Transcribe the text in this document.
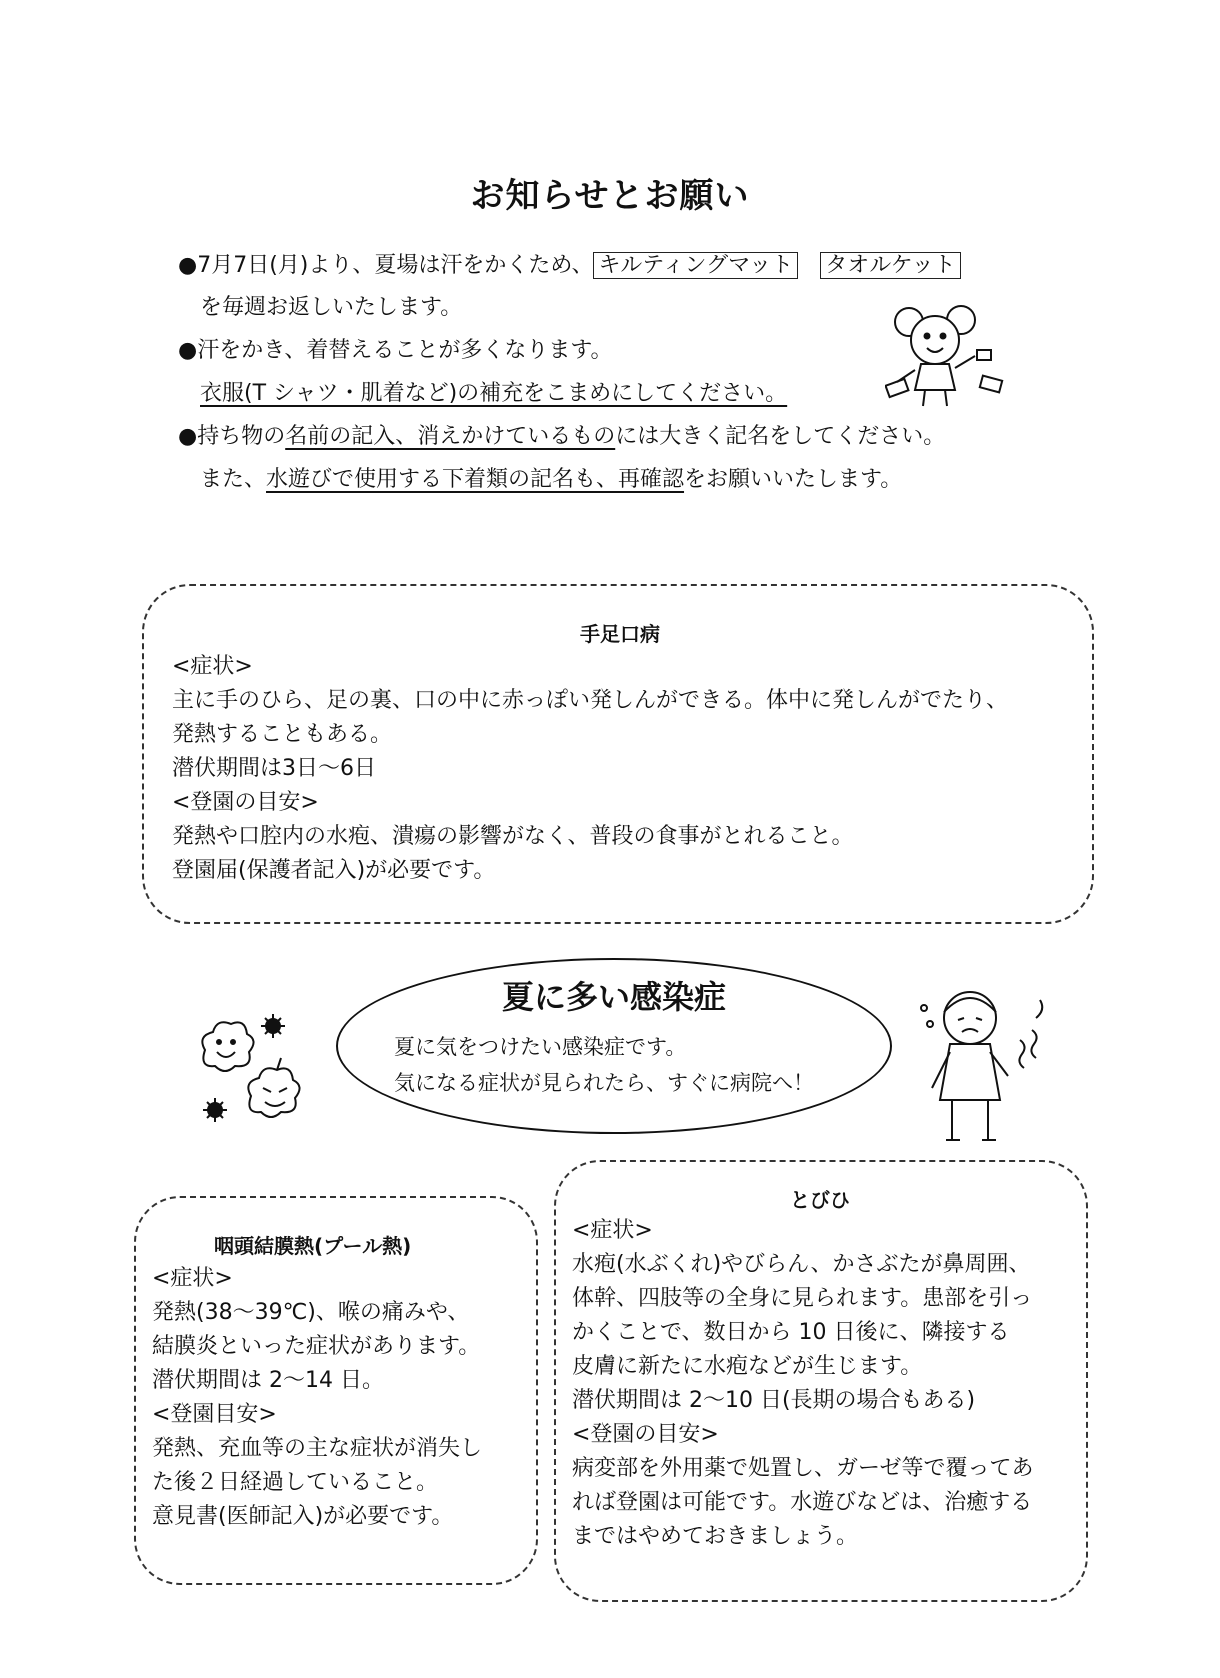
お知らせとお願い
●7月7日(月)より、夏場は汗をかくため、 キルティングマット タオルケット
を毎週お返しいたします。
●汗をかき、着替えることが多くなります。
衣服(T シャツ・肌着など)の補充をこまめにしてください。
●持ち物の名前の記入、消えかけているものには大きく記名をしてください。
また、水遊びで使用する下着類の記名も、再確認をお願いいたします。
手足口病
<症状>
主に手のひら、足の裏、口の中に赤っぽい発しんができる。体中に発しんがでたり、
発熱することもある。
潜伏期間は3日〜6日
<登園の目安>
発熱や口腔内の水疱、潰瘍の影響がなく、普段の食事がとれること。
登園届(保護者記入)が必要です。
夏に多い感染症
夏に気をつけたい感染症です。
気になる症状が見られたら、すぐに病院へ！
咽頭結膜熱(プール熱)
<症状>
発熱(38〜39℃)、喉の痛みや、
結膜炎といった症状があります。
潜伏期間は 2〜14 日。
<登園目安>
発熱、充血等の主な症状が消失し
た後２日経過していること。
意見書(医師記入)が必要です。
とびひ
<症状>
水疱(水ぶくれ)やびらん、かさぶたが鼻周囲、
体幹、四肢等の全身に見られます。患部を引っ
かくことで、数日から 10 日後に、隣接する
皮膚に新たに水疱などが生じます。
潜伏期間は 2〜10 日(長期の場合もある)
<登園の目安>
病変部を外用薬で処置し、ガーゼ等で覆ってあ
れば登園は可能です。水遊びなどは、治癒する
まではやめておきましょう。
